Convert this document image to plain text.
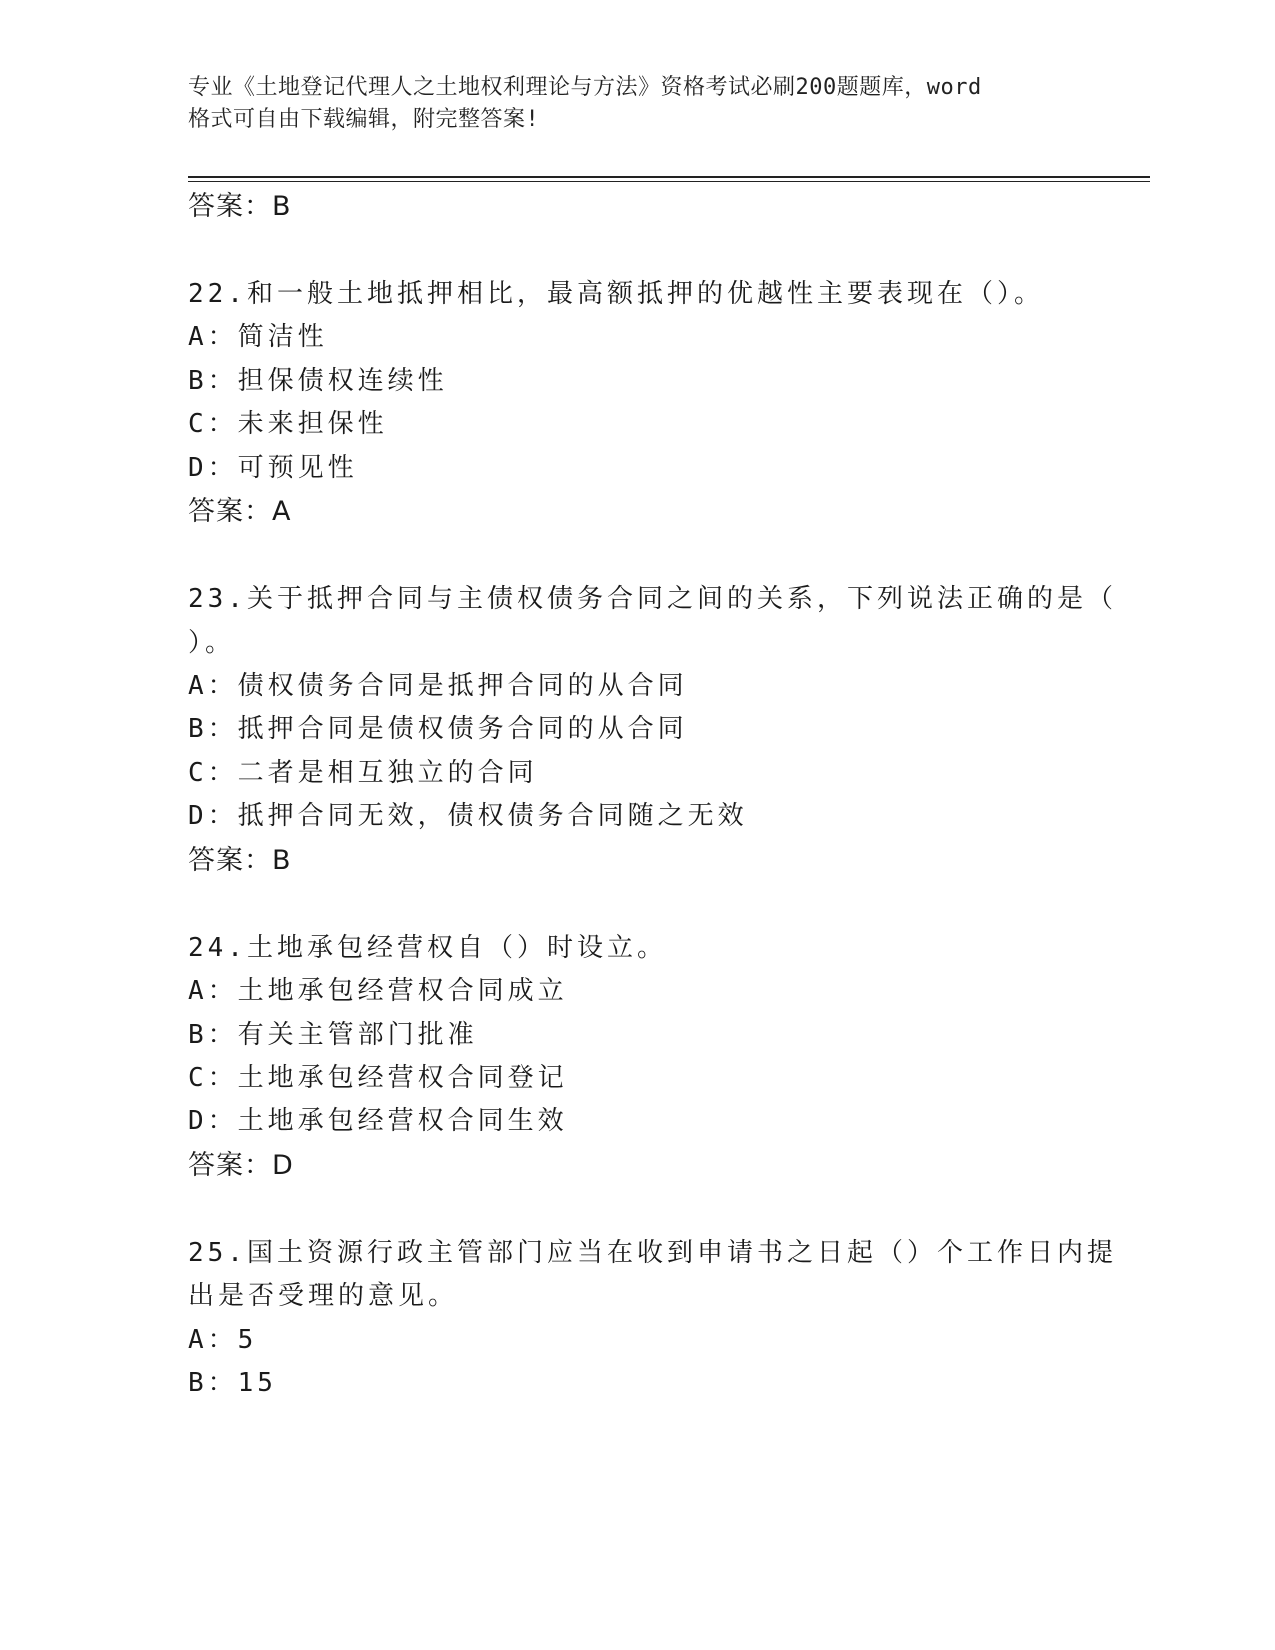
专业《土地登记代理人之土地权利理论与方法》资格考试必刷200题题库，word
格式可自由下载编辑，附完整答案!
答案：B
22.和一般土地抵押相比，最高额抵押的优越性主要表现在（）。
A：简洁性
B：担保债权连续性
C：未来担保性
D：可预见性
答案：A
23.关于抵押合同与主债权债务合同之间的关系，下列说法正确的是（
）。
A：债权债务合同是抵押合同的从合同
B：抵押合同是债权债务合同的从合同
C：二者是相互独立的合同
D：抵押合同无效，债权债务合同随之无效
答案：B
24.土地承包经营权自（）时设立。
A：土地承包经营权合同成立
B：有关主管部门批准
C：土地承包经营权合同登记
D：土地承包经营权合同生效
答案：D
25.国土资源行政主管部门应当在收到申请书之日起（）个工作日内提
出是否受理的意见。
A：5
B：15
